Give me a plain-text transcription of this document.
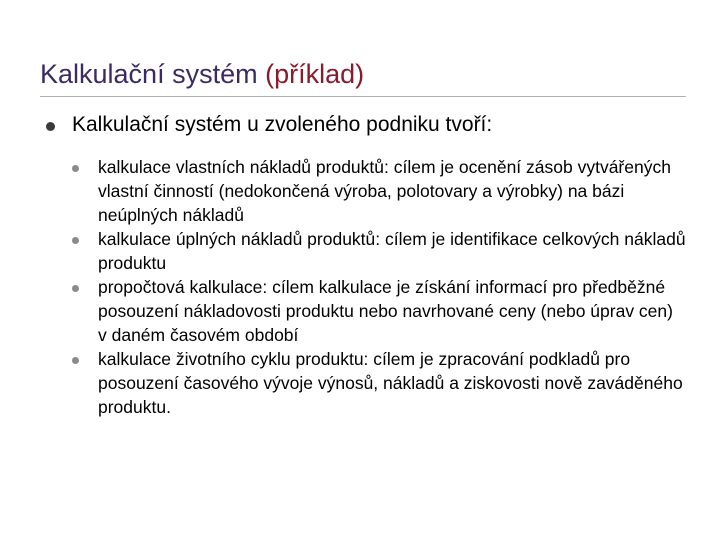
Kalkulační systém (příklad)
Kalkulační systém u zvoleného podniku tvoří:
kalkulace vlastních nákladů produktů: cílem je ocenění zásob vytvářených vlastní činností (nedokončená výroba, polotovary a výrobky) na bázi neúplných nákladů
kalkulace úplných nákladů produktů: cílem je identifikace celkových nákladů produktu
propočtová kalkulace: cílem kalkulace je získání informací pro předběžné posouzení nákladovosti produktu nebo navrhované ceny (nebo úprav cen) v daném časovém období
kalkulace životního cyklu produktu: cílem je zpracování podkladů pro posouzení časového vývoje výnosů, nákladů a ziskovosti nově zaváděného produktu.
